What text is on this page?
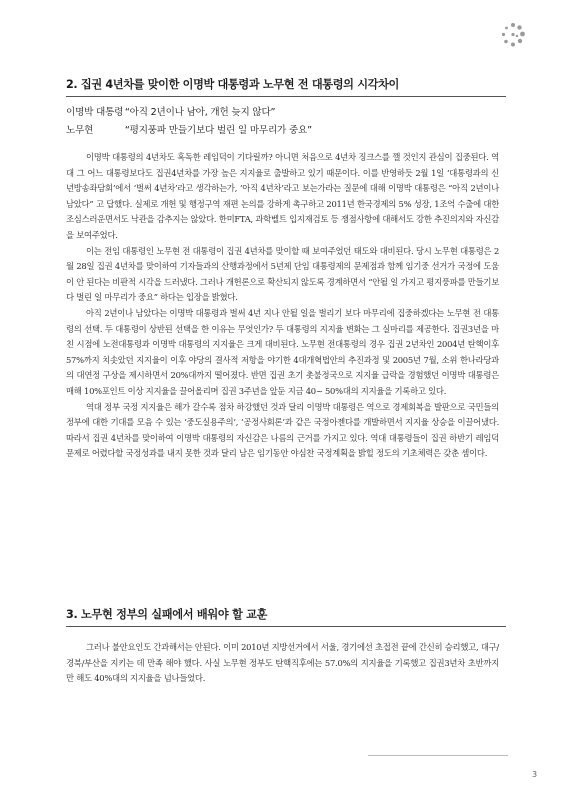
2. 집권 4년차를 맞이한 이명박 대통령과 노무현 전 대통령의 시각차이
이명박 대통령 “아직 2년이나 남아, 개헌 늦지 않다”
노무현	“평지풍파 만들기보다 벌린 일 마무리가 중요”

이명박 대통령의 4년차도 혹독한 레임덕이 기다릴까? 아니면 처음으로 4년차 징크스를 깰 것인지 관심이 집중된다. 역대 그 어느 대통령보다도 집권4년차를 가장 높은 지지율로 출발하고 있기 때문이다. 이를 반영하듯 2월 1일 ‘대통령과의 신년방송좌담회’에서 ‘벌써 4년차’라고 생각하는가, ‘아직 4년차’라고 보는가라는 질문에 대해 이명박 대통령은 “아직 2년이나 남았다” 고 답했다. 실제로 개헌 및 행정구역 재편 논의를 강하게 촉구하고 2011년 한국경제의 5% 성장, 1조억 수출에 대한 조심스러운면서도 낙관을 감추지는 않았다. 한미FTA, 과학벨트 입지재검토 등 쟁점사항에 대해서도 강한 추진의지와 자신감을 보여주었다.

이는 전임 대통령인 노무현 전 대통령이 집권 4년차를 맞이할 때 보여주었던 태도와 대비된다. 당시 노무현 대통령은 2월 28일 집권 4년차를 맞이하여 기자들과의 산행과정에서 5년제 단임 대통령제의 문제점과 함께 임기중 선거가 국정에 도움이 안 된다는 비판적 시각을 드러냈다. 그러나 개헌론으로 확산되지 않도록 경계하면서 “안될 일 가지고 평지풍파를 만들기보다 벌린 일 마무리가 중요” 하다는 입장을 밝혔다.

아직 2년이나 남았다는 이명박 대통령과 벌써 4년 지나 안될 일을 벌리기 보다 마무리에 집중하겠다는 노무현 전 대통령의 선택. 두 대통령이 상반된 선택을 한 이유는 무엇인가? 두 대통령의 지지율 변화는 그 실마리를 제공한다. 집권3년을 마친 시점에 노전대통령과 이명박 대통령의 지지율은 크게 대비된다. 노무현 전대통령의 경우 집권 2년차인 2004년 탄핵이후 57%까지 치솟았던 지지율이 이후 야당의 결사적 저항을 야기한 4대개혁법안의 추진과정 및 2005년 7월, 소위 한나라당과의 대연정 구상을 제시하면서 20%대까지 떨어졌다. 반면 집권 초기 촛불정국으로 지지율 급락을 경험했던 이명박 대통령은 매해 10%포인트 이상 지지율을 끌어올리며 집권 3주년을 앞둔 지금 40~ 50%대의 지지율을 기록하고 있다.

역대 정부 국정 지지율은 해가 갈수록 점차 하강했던 것과 달리 이명박 대통령은 역으로 경제회복을 발판으로 국민들의 정부에 대한 기대를 모음 수 있는 ‘중도실용주의’, ‘공정사회론’과 같은 국정아젠다를 개발하면서 지지율 상승을 이끌어냈다. 따라서 집권 4년차를 맞이하여 이명박 대통령의 자신감은 나름의 근거를 가지고 있다. 역대 대통령들이 집권 하반기 레임덕 문제로 어렸다할 국정성과를 내지 못한 것과 달리 남은 임기동안 야심찬 국정계획을 밝힐 정도의 기초체력은 갖춘 셈이다.

3. 노무현 정부의 실패에서 배워야 할 교훈

그러나 불안요인도 간과해서는 안된다. 이미 2010년 지방선거에서 서울, 경기에선 초접전 끝에 간신히 승리했고, 대구/경북/부산을 지키는 데 만족 해야 했다. 사실 노무현 정부도 탄핵직후에는 57.0%의 지지율을 기록했고 집권3년차 초반까지만 해도 40%대의 지지율을 넘나들었다.

3
